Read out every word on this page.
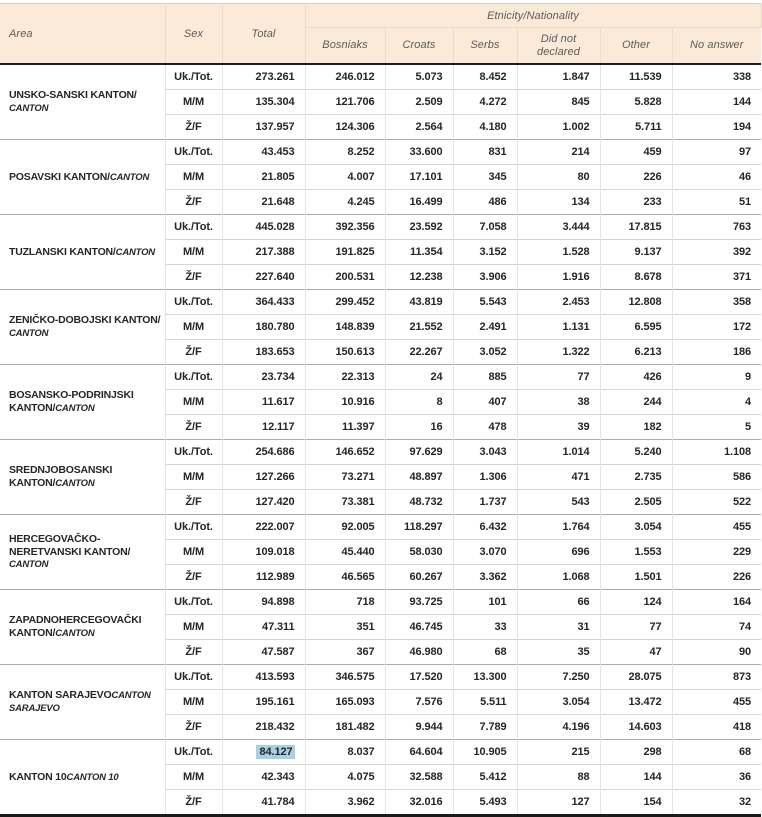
Area	Sex	Total	Etnicity/Nationality					
			Bosniaks	Croats	Serbs	Did not declared	Other	No answer
UNSKO-SANSKI KANTON/CANTON	Uk./Tot.	273.261	246.012	5.073	8.452	1.847	11.539	338
	M/M	135.304	121.706	2.509	4.272	845	5.828	144
	Ž/F	137.957	124.306	2.564	4.180	1.002	5.711	194
POSAVSKI KANTON/CANTON	Uk./Tot.	43.453	8.252	33.600	831	214	459	97
	M/M	21.805	4.007	17.101	345	80	226	46
	Ž/F	21.648	4.245	16.499	486	134	233	51
TUZLANSKI KANTON/CANTON	Uk./Tot.	445.028	392.356	23.592	7.058	3.444	17.815	763
	M/M	217.388	191.825	11.354	3.152	1.528	9.137	392
	Ž/F	227.640	200.531	12.238	3.906	1.916	8.678	371
ZENIČKO-DOBOJSKI KANTON/CANTON	Uk./Tot.	364.433	299.452	43.819	5.543	2.453	12.808	358
	M/M	180.780	148.839	21.552	2.491	1.131	6.595	172
	Ž/F	183.653	150.613	22.267	3.052	1.322	6.213	186
BOSANSKO-PODRINJSKI KANTON/CANTON	Uk./Tot.	23.734	22.313	24	885	77	426	9
	M/M	11.617	10.916	8	407	38	244	4
	Ž/F	12.117	11.397	16	478	39	182	5
SREDNJOBOSANSKI KANTON/CANTON	Uk./Tot.	254.686	146.652	97.629	3.043	1.014	5.240	1.108
	M/M	127.266	73.271	48.897	1.306	471	2.735	586
	Ž/F	127.420	73.381	48.732	1.737	543	2.505	522
HERCEGOVAČKO-NERETVANSKI KANTON/CANTON	Uk./Tot.	222.007	92.005	118.297	6.432	1.764	3.054	455
	M/M	109.018	45.440	58.030	3.070	696	1.553	229
	Ž/F	112.989	46.565	60.267	3.362	1.068	1.501	226
ZAPADNOHERCEGOVAČKI KANTON/CANTON	Uk./Tot.	94.898	718	93.725	101	66	124	164
	M/M	47.311	351	46.745	33	31	77	74
	Ž/F	47.587	367	46.980	68	35	47	90
KANTON SARAJEVOCANTON SARAJEVO	Uk./Tot.	413.593	346.575	17.520	13.300	7.250	28.075	873
	M/M	195.161	165.093	7.576	5.511	3.054	13.472	455
	Ž/F	218.432	181.482	9.944	7.789	4.196	14.603	418
KANTON 10CANTON 10	Uk./Tot.	84.127	8.037	64.604	10.905	215	298	68
	M/M	42.343	4.075	32.588	5.412	88	144	36
	Ž/F	41.784	3.962	32.016	5.493	127	154	32
